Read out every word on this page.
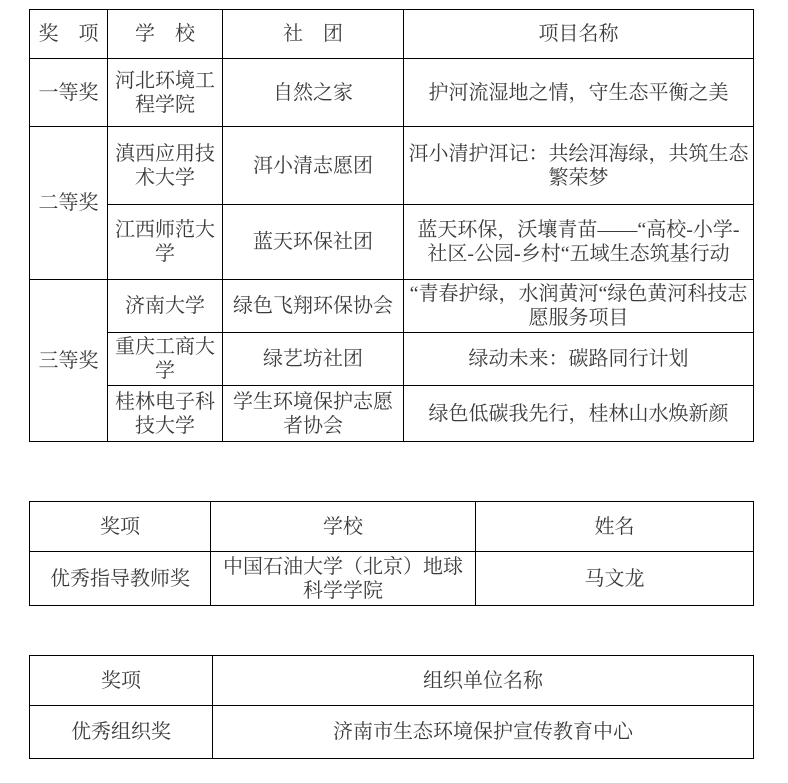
奖　项	学　校	社　团	项目名称
一等奖	河北环境工程学院	自然之家	护河流湿地之情，守生态平衡之美
二等奖	滇西应用技术大学	洱小清志愿团	洱小清护洱记：共绘洱海绿，共筑生态繁荣梦
	江西师范大学	蓝天环保社团	蓝天环保，沃壤青苗——“高校-小学-社区-公园-乡村“五域生态筑基行动
三等奖	济南大学	绿色飞翔环保协会	“青春护绿，水润黄河“绿色黄河科技志愿服务项目
	重庆工商大学	绿艺坊社团	绿动未来：碳路同行计划
	桂林电子科技大学	学生环境保护志愿者协会	绿色低碳我先行，桂林山水焕新颜
奖项	学校	姓名
优秀指导教师奖	中国石油大学（北京）地球科学学院	马文龙
奖项	组织单位名称
优秀组织奖	济南市生态环境保护宣传教育中心
